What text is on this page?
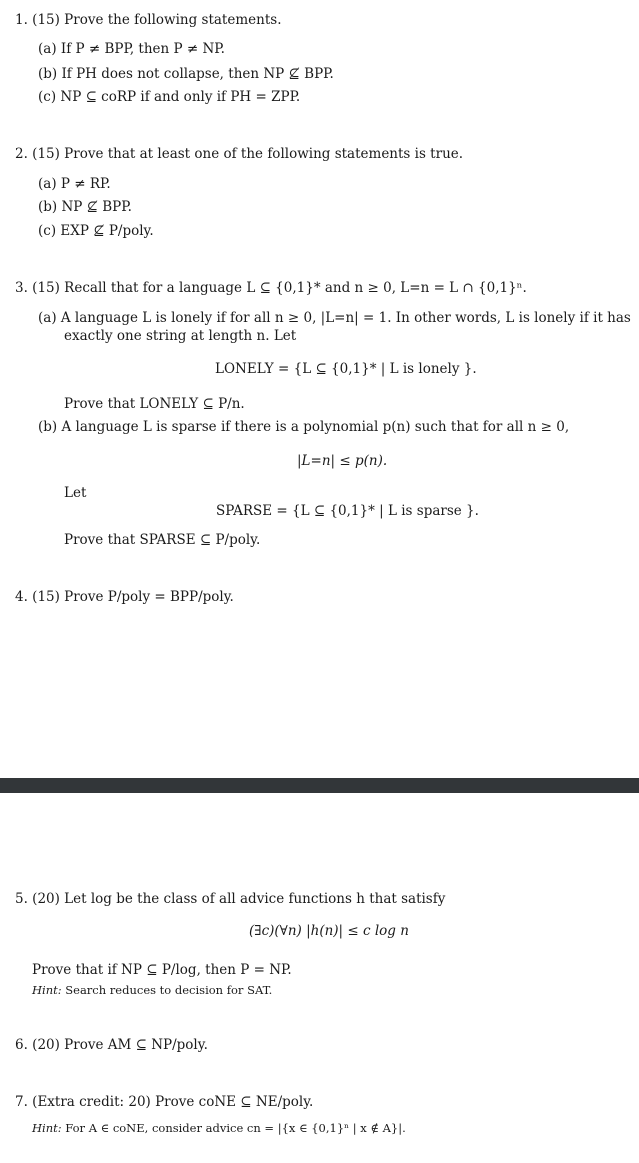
1. (15) Prove the following statements.
(a) If P ≠ BPP, then P ≠ NP.
(b) If PH does not collapse, then NP ⊈ BPP.
(c) NP ⊆ coRP if and only if PH = ZPP.
2. (15) Prove that at least one of the following statements is true.
(a) P ≠ RP.
(b) NP ⊈ BPP.
(c) EXP ⊈ P/poly.
3. (15) Recall that for a language L ⊆ {0,1}* and n ≥ 0, L=n = L ∩ {0,1}ⁿ.
(a) A language L is lonely if for all n ≥ 0, |L=n| = 1. In other words, L is lonely if it has
exactly one string at length n. Let
LONELY = {L ⊆ {0,1}* | L is lonely }.
Prove that LONELY ⊆ P/n.
(b) A language L is sparse if there is a polynomial p(n) such that for all n ≥ 0,
|L=n| ≤ p(n).
Let
SPARSE = {L ⊆ {0,1}* | L is sparse }.
Prove that SPARSE ⊆ P/poly.
4. (15) Prove P/poly = BPP/poly.
5. (20) Let log be the class of all advice functions h that satisfy
(∃c)(∀n) |h(n)| ≤ c log n
Prove that if NP ⊆ P/log, then P = NP.
Hint: Search reduces to decision for SAT.
6. (20) Prove AM ⊆ NP/poly.
7. (Extra credit: 20) Prove coNE ⊆ NE/poly.
Hint: For A ∈ coNE, consider advice cn = |{x ∈ {0,1}ⁿ | x ∉ A}|.
